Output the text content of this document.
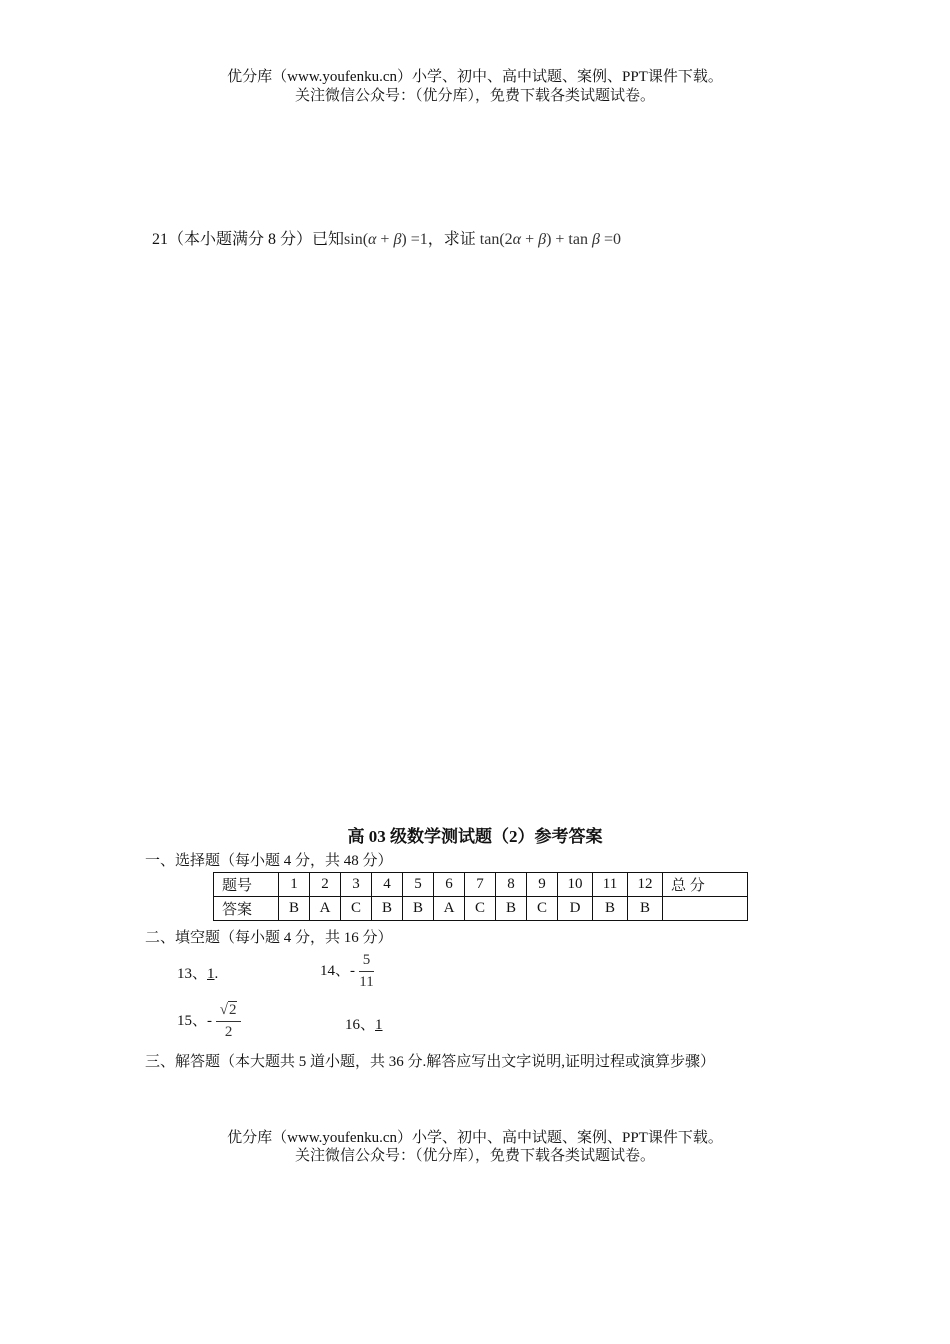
优分库（www.youfenku.cn）小学、初中、高中试题、案例、PPT课件下载。
关注微信公众号：（优分库），免费下载各类试题试卷。
21（本小题满分 8 分）已知sin(α + β) =1，求证 tan(2α + β) + tan β =0
高 03 级数学测试题（2）参考答案
一、选择题（每小题 4 分，共 48 分）
题号	1	2	3	4	5	6	7	8	9	10	11	12	总 分
答案	B	A	C	B	B	A	C	B	C	D	B	B	
二、填空题（每小题 4 分，共 16 分）
13、1.	14、- $\frac{5}{11}$
15、- $\frac{√2}{2}$	16、1
三、解答题（本大题共 5 道小题，共 36 分.解答应写出文字说明,证明过程或演算步骤）
优分库（www.youfenku.cn）小学、初中、高中试题、案例、PPT课件下载。
关注微信公众号：（优分库），免费下载各类试题试卷。
